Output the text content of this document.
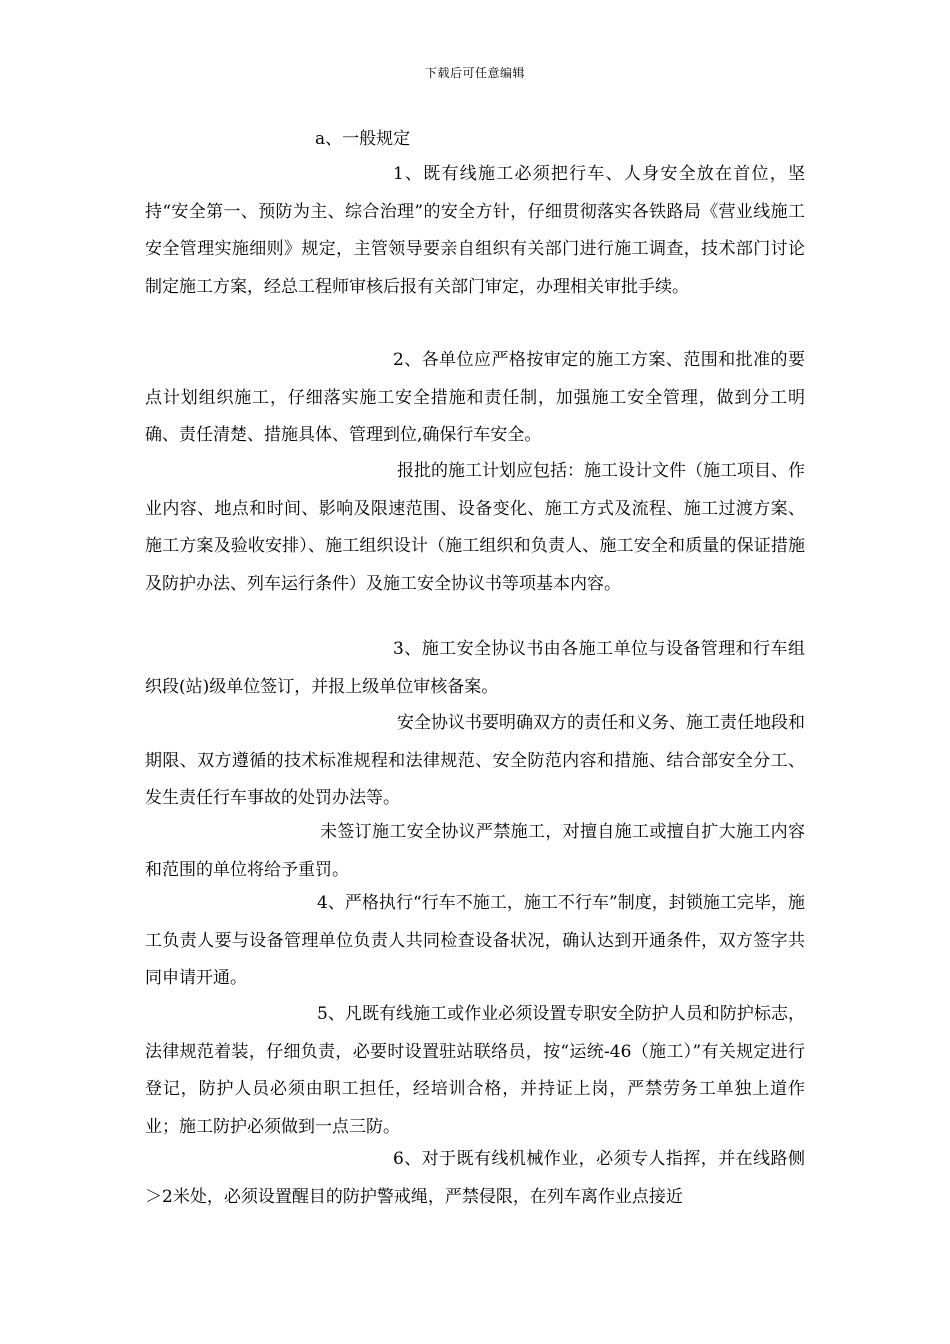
下载后可任意编辑
a、一般规定
1、既有线施工必须把行车、人身安全放在首位，坚持“安全第一、预防为主、综合治理”的安全方针，仔细贯彻落实各铁路局《营业线施工安全管理实施细则》规定，主管领导要亲自组织有关部门进行施工调查，技术部门讨论制定施工方案，经总工程师审核后报有关部门审定，办理相关审批手续。
2、各单位应严格按审定的施工方案、范围和批准的要点计划组织施工，仔细落实施工安全措施和责任制，加强施工安全管理，做到分工明确、责任清楚、措施具体、管理到位,确保行车安全。
报批的施工计划应包括：施工设计文件（施工项目、作业内容、地点和时间、影响及限速范围、设备变化、施工方式及流程、施工过渡方案、施工方案及验收安排）、施工组织设计（施工组织和负责人、施工安全和质量的保证措施及防护办法、列车运行条件）及施工安全协议书等项基本内容。
3、施工安全协议书由各施工单位与设备管理和行车组织段(站)级单位签订，并报上级单位审核备案。
安全协议书要明确双方的责任和义务、施工责任地段和期限、双方遵循的技术标准规程和法律规范、安全防范内容和措施、结合部安全分工、发生责任行车事故的处罚办法等。
未签订施工安全协议严禁施工，对擅自施工或擅自扩大施工内容和范围的单位将给予重罚。
4、严格执行“行车不施工，施工不行车”制度，封锁施工完毕，施工负责人要与设备管理单位负责人共同检查设备状况，确认达到开通条件，双方签字共同申请开通。
5、凡既有线施工或作业必须设置专职安全防护人员和防护标志，法律规范着装，仔细负责，必要时设置驻站联络员，按“运统-46（施工）”有关规定进行登记，防护人员必须由职工担任，经培训合格，并持证上岗，严禁劳务工单独上道作业；施工防护必须做到一点三防。
6、对于既有线机械作业，必须专人指挥，并在线路侧＞2米处，必须设置醒目的防护警戒绳，严禁侵限，在列车离作业点接近
